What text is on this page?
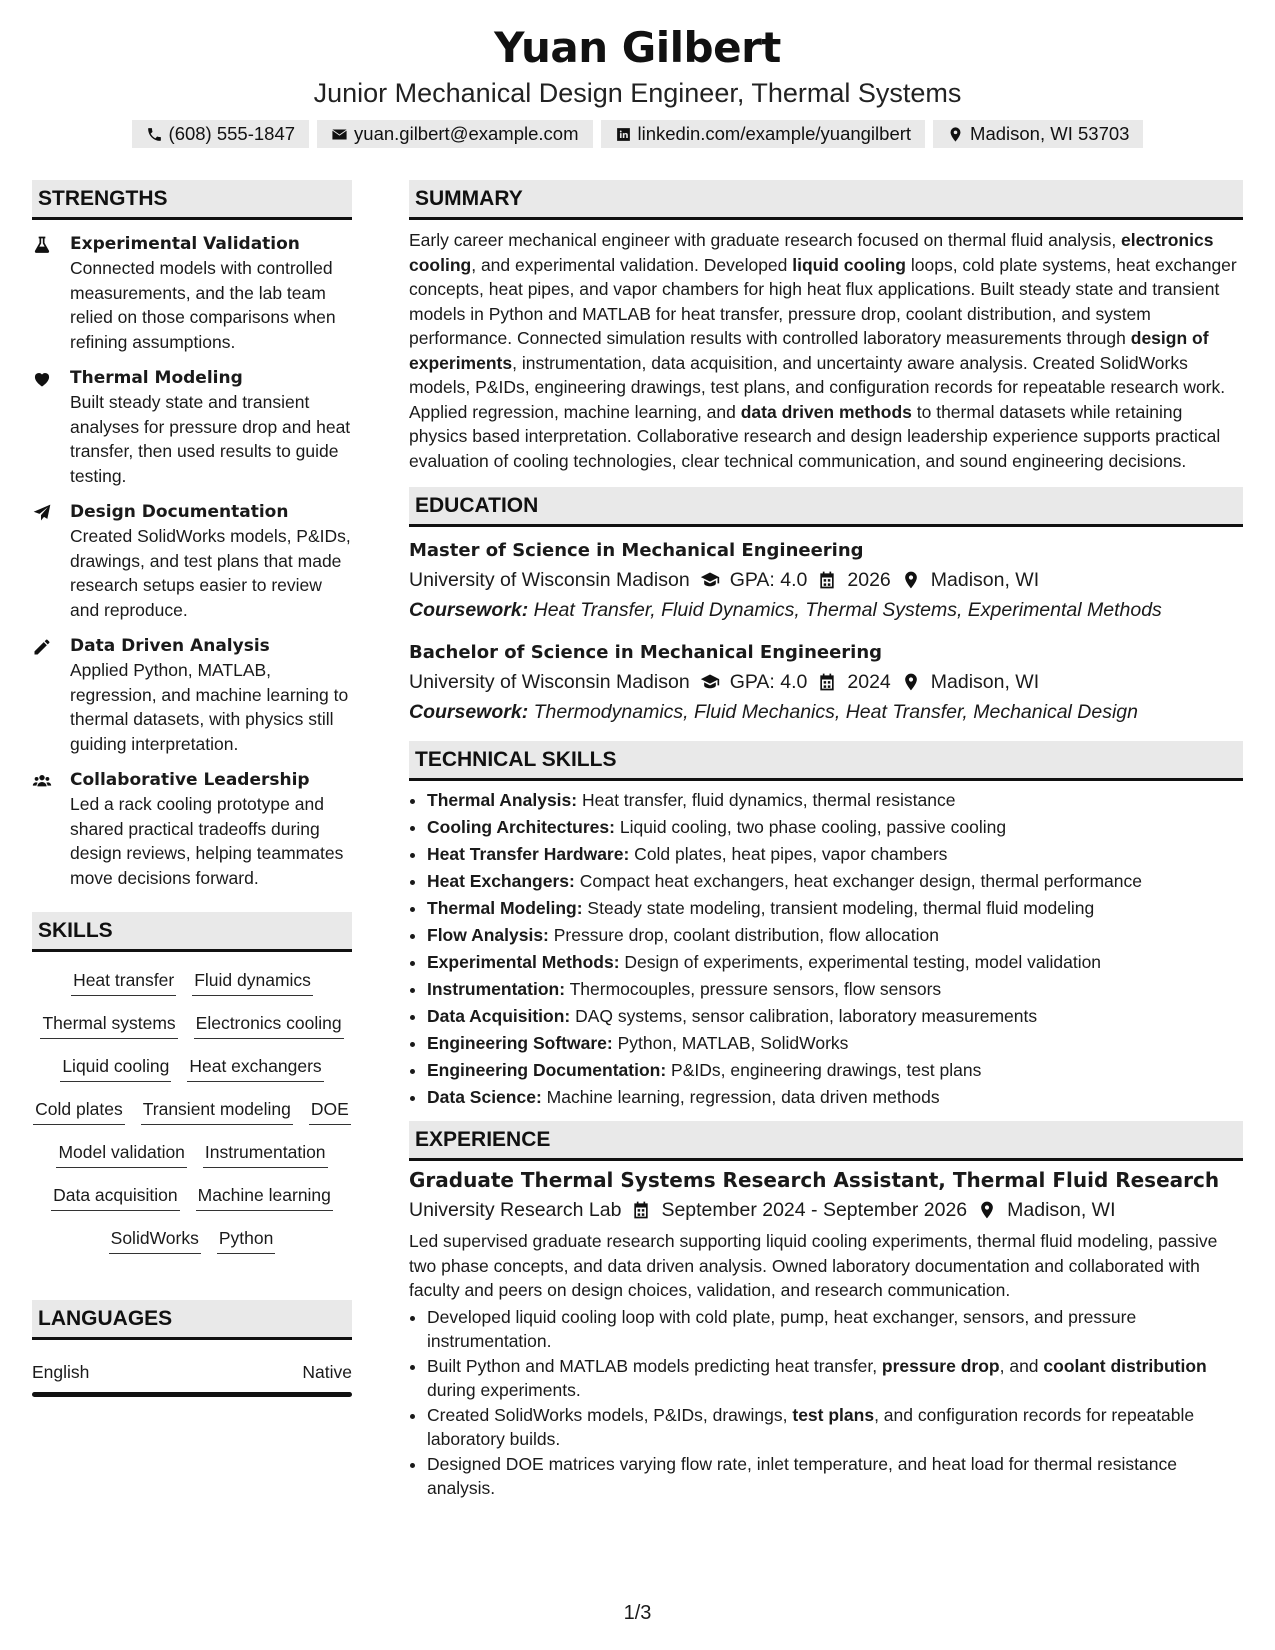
Yuan Gilbert
Junior Mechanical Design Engineer, Thermal Systems
(608) 555-1847	yuan.gilbert@example.com	linkedin.com/example/yuangilbert	Madison, WI 53703
STRENGTHS
Experimental Validation
Connected models with controlled measurements, and the lab team relied on those comparisons when refining assumptions.
Thermal Modeling
Built steady state and transient analyses for pressure drop and heat transfer, then used results to guide testing.
Design Documentation
Created SolidWorks models, P&IDs, drawings, and test plans that made research setups easier to review and reproduce.
Data Driven Analysis
Applied Python, MATLAB, regression, and machine learning to thermal datasets, with physics still guiding interpretation.
Collaborative Leadership
Led a rack cooling prototype and shared practical tradeoffs during design reviews, helping teammates move decisions forward.
SKILLS
Heat transfer Fluid dynamics
Thermal systems Electronics cooling
Liquid cooling Heat exchangers
Cold plates Transient modeling DOE
Model validation Instrumentation
Data acquisition Machine learning
SolidWorks Python
LANGUAGES
English	Native
SUMMARY
Early career mechanical engineer with graduate research focused on thermal fluid analysis, electronics cooling, and experimental validation. Developed liquid cooling loops, cold plate systems, heat exchanger concepts, heat pipes, and vapor chambers for high heat flux applications. Built steady state and transient models in Python and MATLAB for heat transfer, pressure drop, coolant distribution, and system performance. Connected simulation results with controlled laboratory measurements through design of experiments, instrumentation, data acquisition, and uncertainty aware analysis. Created SolidWorks models, P&IDs, engineering drawings, test plans, and configuration records for repeatable research work. Applied regression, machine learning, and data driven methods to thermal datasets while retaining physics based interpretation. Collaborative research and design leadership experience supports practical evaluation of cooling technologies, clear technical communication, and sound engineering decisions.
EDUCATION
Master of Science in Mechanical Engineering
University of Wisconsin Madison GPA: 4.0 2026 Madison, WI
Coursework: Heat Transfer, Fluid Dynamics, Thermal Systems, Experimental Methods
Bachelor of Science in Mechanical Engineering
University of Wisconsin Madison GPA: 4.0 2024 Madison, WI
Coursework: Thermodynamics, Fluid Mechanics, Heat Transfer, Mechanical Design
TECHNICAL SKILLS
• Thermal Analysis: Heat transfer, fluid dynamics, thermal resistance
• Cooling Architectures: Liquid cooling, two phase cooling, passive cooling
• Heat Transfer Hardware: Cold plates, heat pipes, vapor chambers
• Heat Exchangers: Compact heat exchangers, heat exchanger design, thermal performance
• Thermal Modeling: Steady state modeling, transient modeling, thermal fluid modeling
• Flow Analysis: Pressure drop, coolant distribution, flow allocation
• Experimental Methods: Design of experiments, experimental testing, model validation
• Instrumentation: Thermocouples, pressure sensors, flow sensors
• Data Acquisition: DAQ systems, sensor calibration, laboratory measurements
• Engineering Software: Python, MATLAB, SolidWorks
• Engineering Documentation: P&IDs, engineering drawings, test plans
• Data Science: Machine learning, regression, data driven methods
EXPERIENCE
Graduate Thermal Systems Research Assistant, Thermal Fluid Research
University Research Lab September 2024 - September 2026 Madison, WI
Led supervised graduate research supporting liquid cooling experiments, thermal fluid modeling, passive two phase concepts, and data driven analysis. Owned laboratory documentation and collaborated with faculty and peers on design choices, validation, and research communication.
• Developed liquid cooling loop with cold plate, pump, heat exchanger, sensors, and pressure instrumentation.
• Built Python and MATLAB models predicting heat transfer, pressure drop, and coolant distribution during experiments.
• Created SolidWorks models, P&IDs, drawings, test plans, and configuration records for repeatable laboratory builds.
• Designed DOE matrices varying flow rate, inlet temperature, and heat load for thermal resistance analysis.
1/3
